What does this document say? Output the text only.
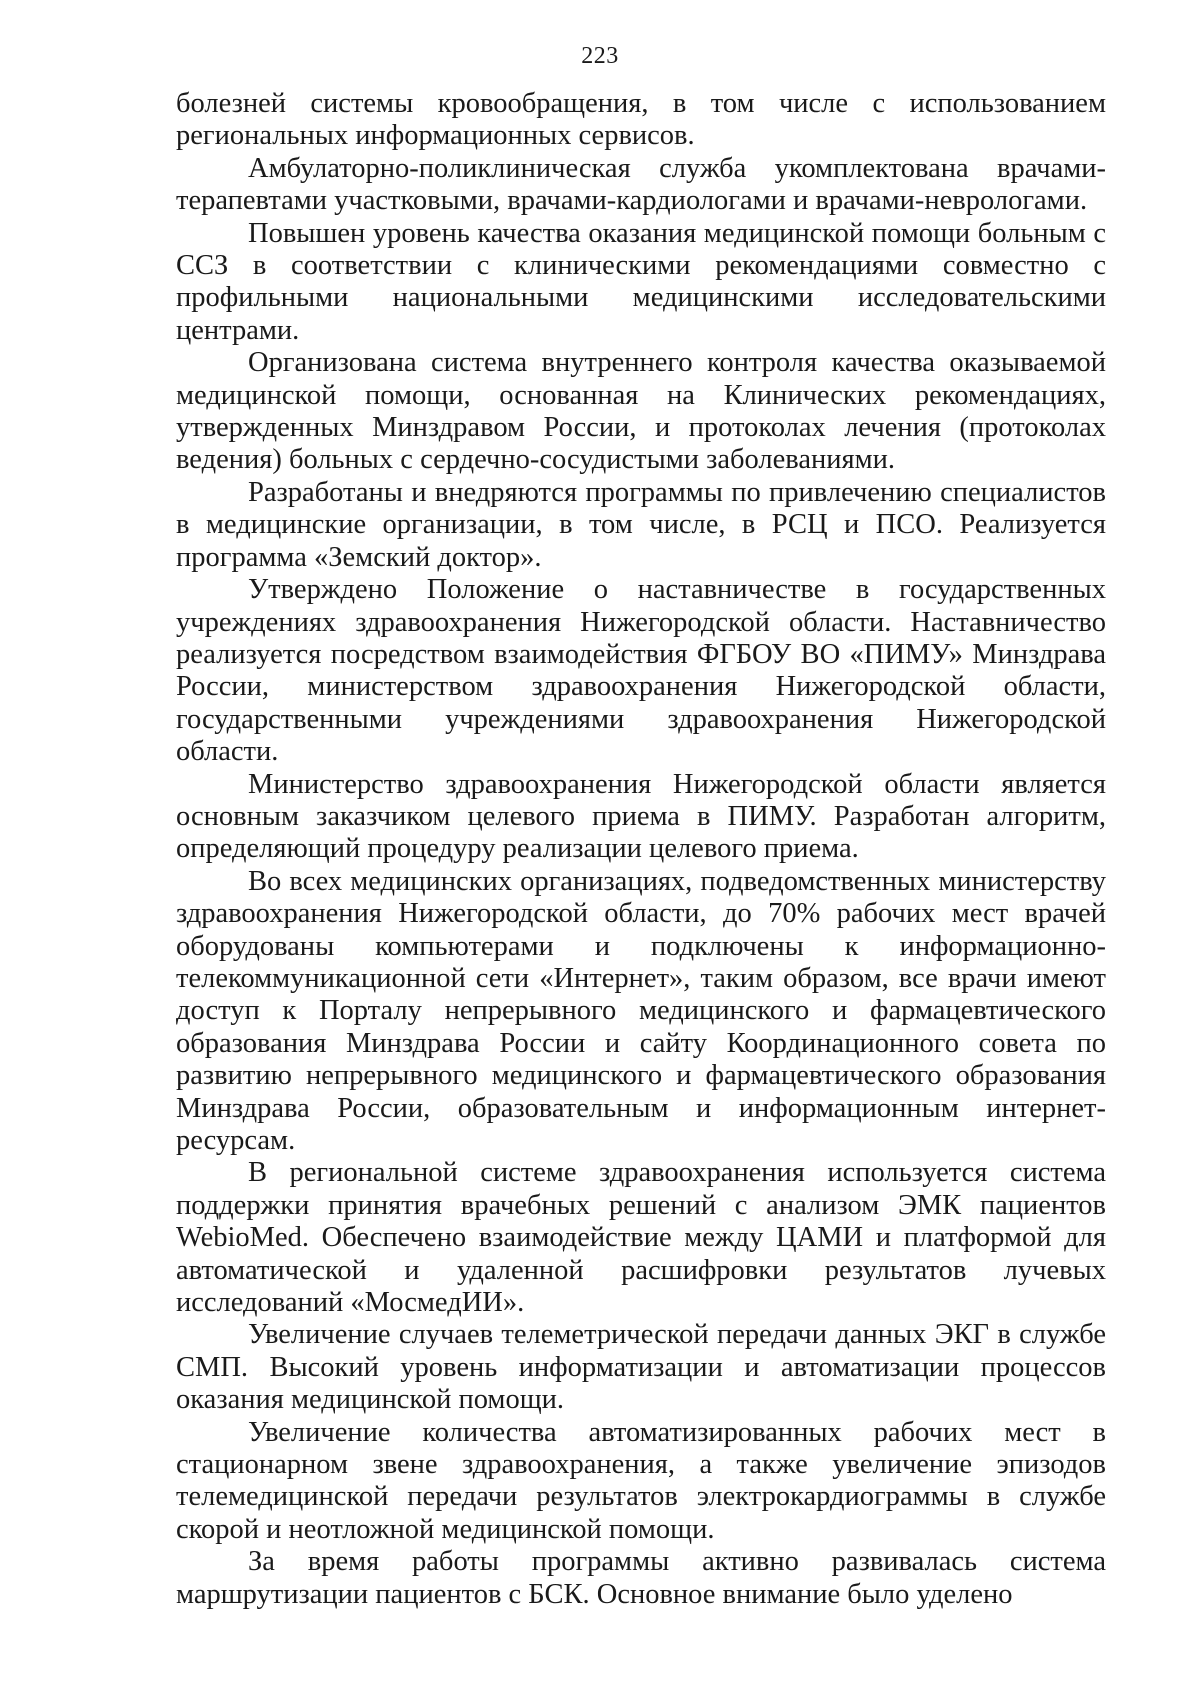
223

болезней системы кровообращения, в том числе с использованием региональных информационных сервисов.

Амбулаторно-поликлиническая служба укомплектована врачами-терапевтами участковыми, врачами-кардиологами и врачами-неврологами.

Повышен уровень качества оказания медицинской помощи больным с ССЗ в соответствии с клиническими рекомендациями совместно с профильными национальными медицинскими исследовательскими центрами.

Организована система внутреннего контроля качества оказываемой медицинской помощи, основанная на Клинических рекомендациях, утвержденных Минздравом России, и протоколах лечения (протоколах ведения) больных с сердечно-сосудистыми заболеваниями.

Разработаны и внедряются программы по привлечению специалистов в медицинские организации, в том числе, в РСЦ и ПСО. Реализуется программа «Земский доктор».

Утверждено Положение о наставничестве в государственных учреждениях здравоохранения Нижегородской области. Наставничество реализуется посредством взаимодействия ФГБОУ ВО «ПИМУ» Минздрава России, министерством здравоохранения Нижегородской области, государственными учреждениями здравоохранения Нижегородской области.

Министерство здравоохранения Нижегородской области является основным заказчиком целевого приема в ПИМУ. Разработан алгоритм, определяющий процедуру реализации целевого приема.

Во всех медицинских организациях, подведомственных министерству здравоохранения Нижегородской области, до 70% рабочих мест врачей оборудованы компьютерами и подключены к информационно-телекоммуникационной сети «Интернет», таким образом, все врачи имеют доступ к Порталу непрерывного медицинского и фармацевтического образования Минздрава России и сайту Координационного совета по развитию непрерывного медицинского и фармацевтического образования Минздрава России, образовательным и информационным интернет-ресурсам.

В региональной системе здравоохранения используется система поддержки принятия врачебных решений с анализом ЭМК пациентов WebioMed. Обеспечено взаимодействие между ЦАМИ и платформой для автоматической и удаленной расшифровки результатов лучевых исследований «МосмедИИ».

Увеличение случаев телеметрической передачи данных ЭКГ в службе СМП. Высокий уровень информатизации и автоматизации процессов оказания медицинской помощи.

Увеличение количества автоматизированных рабочих мест в стационарном звене здравоохранения, а также увеличение эпизодов телемедицинской передачи результатов электрокардиограммы в службе скорой и неотложной медицинской помощи.

За время работы программы активно развивалась система маршрутизации пациентов с БСК. Основное внимание было уделено
